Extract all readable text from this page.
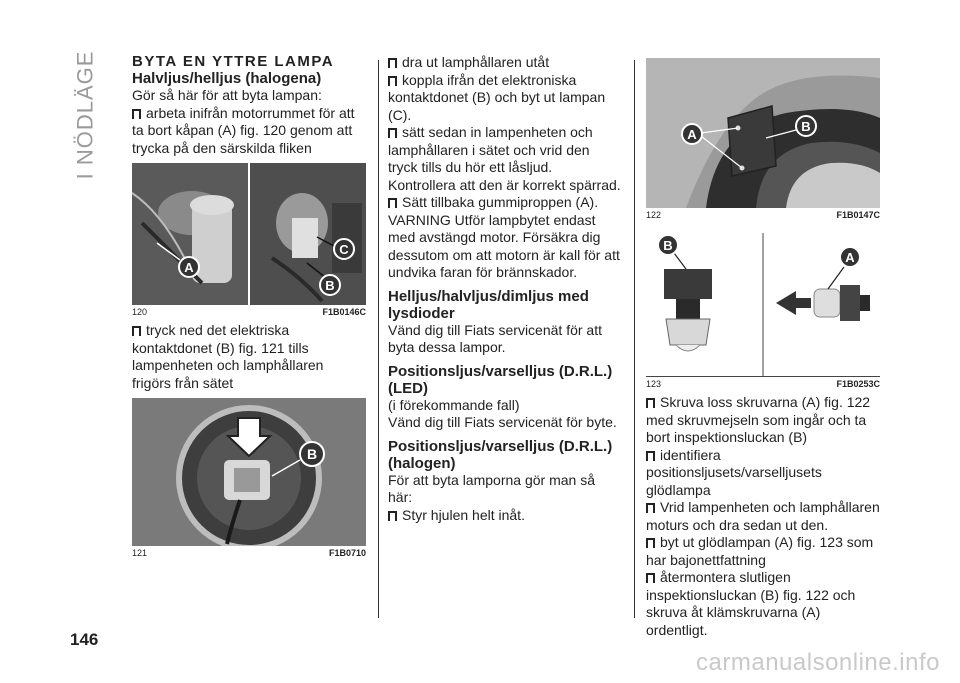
I NÖDLÄGE
146
carmanualsonline.info
BYTA EN YTTRE LAMPA
Halvljus/helljus (halogena)

Gör så här för att byta lampan:

arbeta inifrån motorrummet för att ta bort kåpan (A) fig. 120 genom att trycka på den särskilda fliken

A
C
B
120	F1B0146C

tryck ned det elektriska kontaktdonet (B) fig. 121 tills lampenheten och lamphållaren frigörs från sätet

B
121	F1B0710

dra ut lamphållaren utåt

koppla ifrån det elektroniska kontaktdonet (B) och byt ut lampan (C).

sätt sedan in lampenheten och lamphållaren i sätet och vrid den tryck tills du hör ett låsljud. Kontrollera att den är korrekt spärrad.

Sätt tillbaka gummiproppen (A).

VARNING Utför lampbytet endast med avstängd motor. Försäkra dig dessutom om att motorn är kall för att undvika faran för brännskador.

Helljus/halvljus/dimljus med lysdioder

Vänd dig till Fiats servicenät för att byta dessa lampor.

Positionsljus/varselljus (D.R.L.) (LED)

(i förekommande fall)

Vänd dig till Fiats servicenät för byte.

Positionsljus/varselljus (D.R.L.) (halogen)

För att byta lamporna gör man så här:

Styr hjulen helt inåt.

A
B
122	F1B0147C
B
A
123	F1B0253C

Skruva loss skruvarna (A) fig. 122 med skruvmejseln som ingår och ta bort inspektionsluckan (B)

identifiera positionsljusets/varselljusets glödlampa

Vrid lampenheten och lamphållaren moturs och dra sedan ut den.

byt ut glödlampan (A) fig. 123 som har bajonettfattning

återmontera slutligen inspektionsluckan (B) fig. 122 och skruva åt klämskruvarna (A) ordentligt.
